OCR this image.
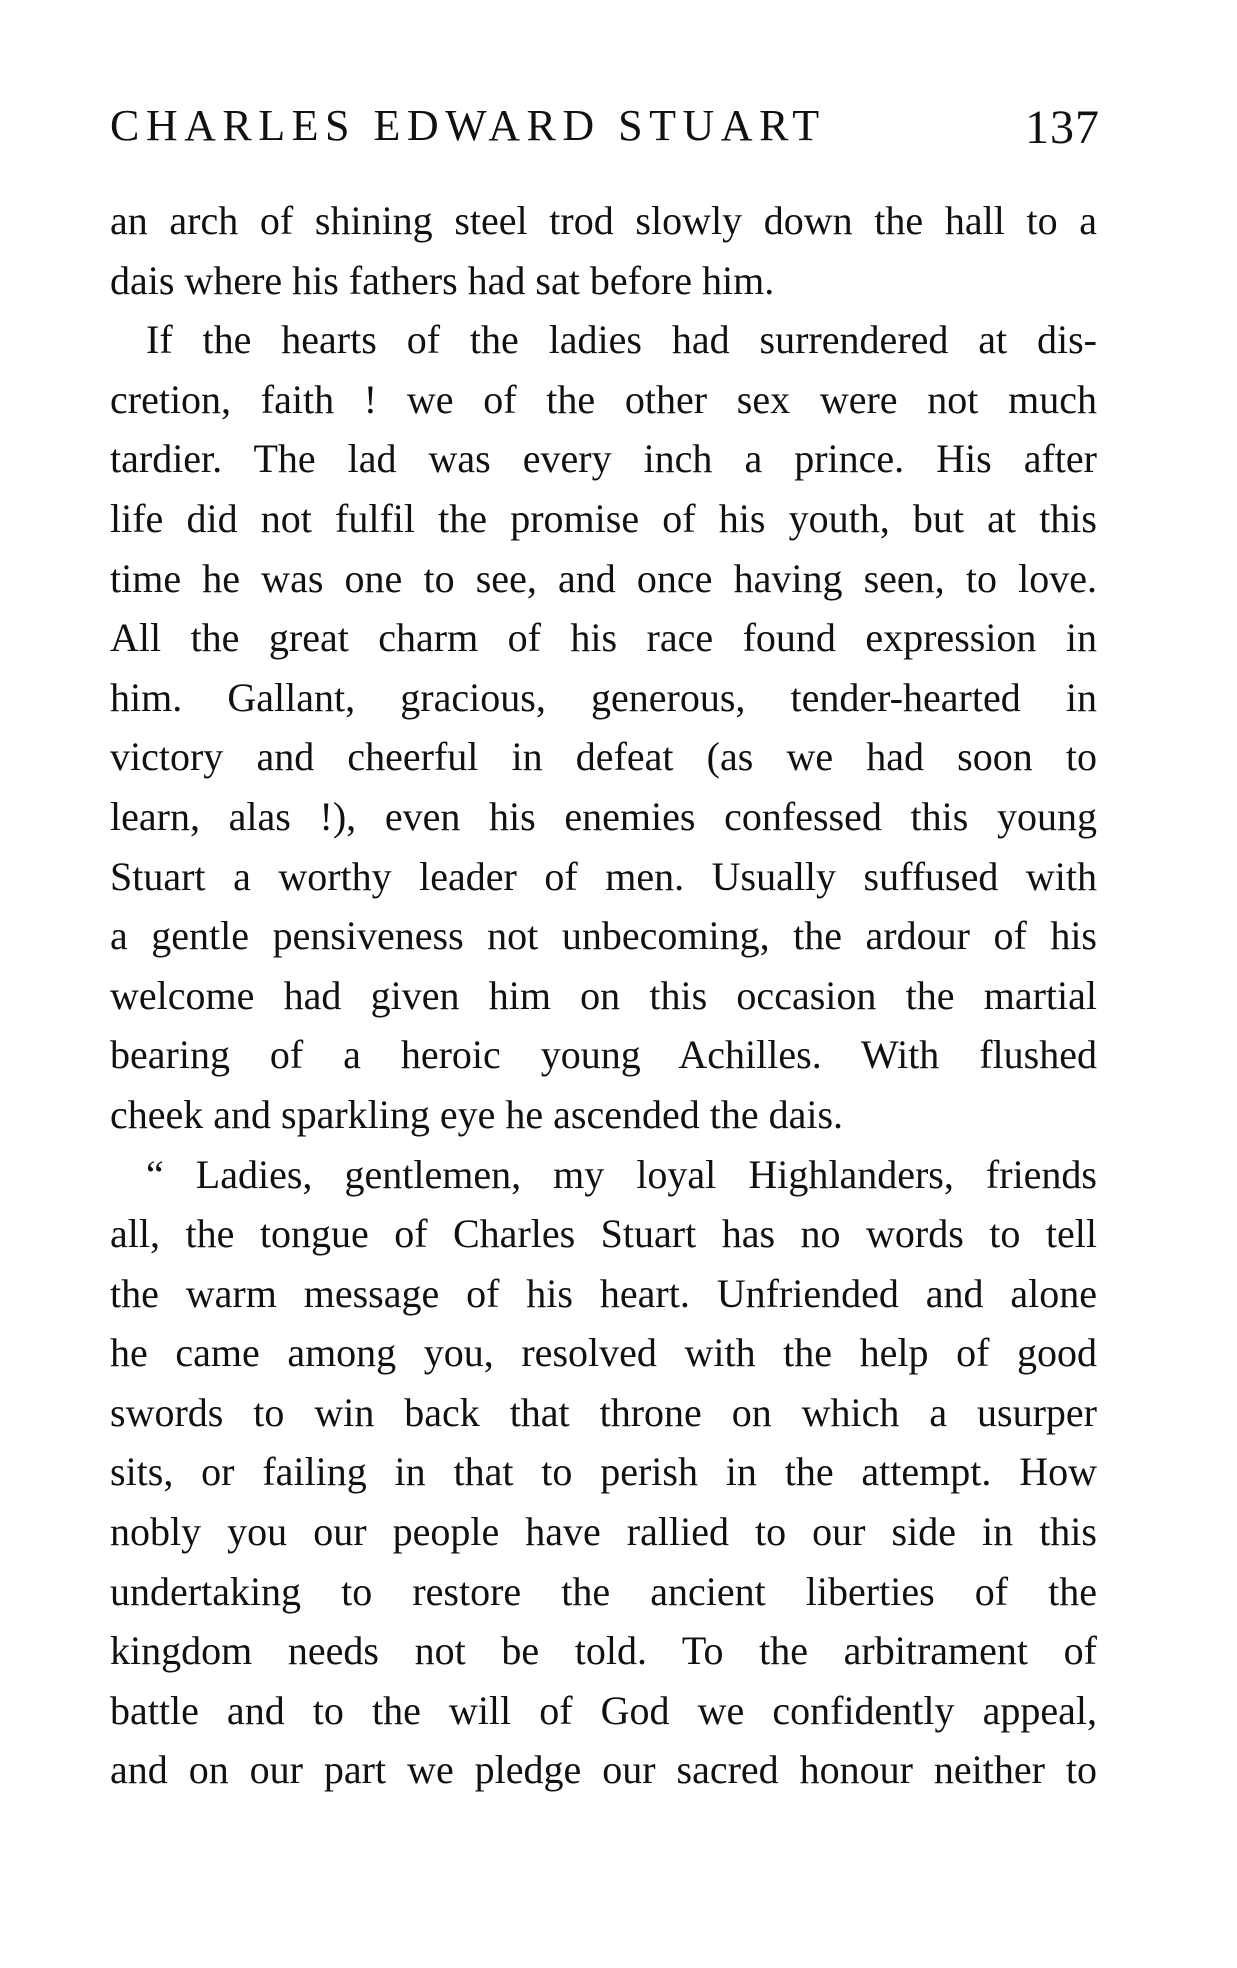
CHARLES EDWARD STUART	137
an arch of shining steel trod slowly down the hall to a
dais where his fathers had sat before him.
If the hearts of the ladies had surrendered at dis-
cretion, faith ! we of the other sex were not much
tardier. The lad was every inch a prince. His after
life did not fulfil the promise of his youth, but at this
time he was one to see, and once having seen, to love.
All the great charm of his race found expression in
him. Gallant, gracious, generous, tender-hearted in
victory and cheerful in defeat (as we had soon to
learn, alas !), even his enemies confessed this young
Stuart a worthy leader of men. Usually suffused with
a gentle pensiveness not unbecoming, the ardour of his
welcome had given him on this occasion the martial
bearing of a heroic young Achilles. With flushed
cheek and sparkling eye he ascended the dais.
“ Ladies, gentlemen, my loyal Highlanders, friends
all, the tongue of Charles Stuart has no words to tell
the warm message of his heart. Unfriended and alone
he came among you, resolved with the help of good
swords to win back that throne on which a usurper
sits, or failing in that to perish in the attempt. How
nobly you our people have rallied to our side in this
undertaking to restore the ancient liberties of the
kingdom needs not be told. To the arbitrament of
battle and to the will of God we confidently appeal,
and on our part we pledge our sacred honour neither to
